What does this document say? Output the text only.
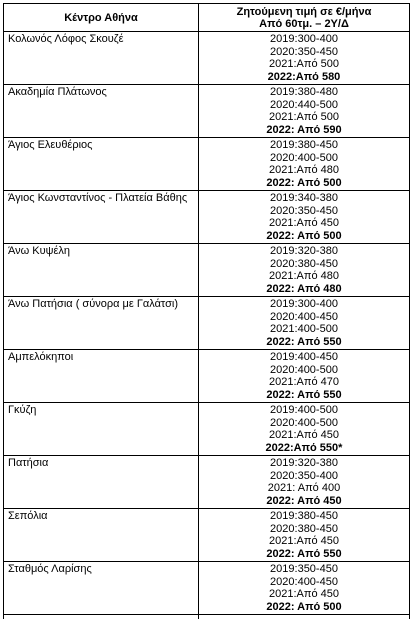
Κέντρο Αθήνα	Ζητούμενη τιμή σε €/μήνα
Από 60τμ. – 2Υ/Δ

Κολωνός Λόφος Σκουζέ	2019:300-400
2020:350-450
2021:Από 500
2022:Από 580

Ακαδημία Πλάτωνος	2019:380-480
2020:440-500
2021:Από 500
2022: Από 590

Άγιος Ελευθέριος	2019:380-450
2020:400-500
2021:Από 480
2022: Από 500

Άγιος Κωνσταντίνος - Πλατεία Βάθης	2019:340-380
2020:350-450
2021:Από 450
2022: Από 500

Άνω Κυψέλη	2019:320-380
2020:380-450
2021:Από 480
2022: Από 480

Άνω Πατήσια ( σύνορα με Γαλάτσι)	2019:300-400
2020:400-450
2021:400-500
2022: Από 550

Αμπελόκηποι	2019:400-450
2020:400-500
2021:Από 470
2022: Από 550

Γκύζη	2019:400-500
2020:400-500
2021:Από 450
2022:Από 550*

Πατήσια	2019:320-380
2020:350-400
2021: Από 400
2022: Από 450

Σεπόλια	2019:380-450
2020:380-450
2021:Από 450
2022: Από 550

Σταθμός Λαρίσης	2019:350-450
2020:400-450
2021:Από 450
2022: Από 500
